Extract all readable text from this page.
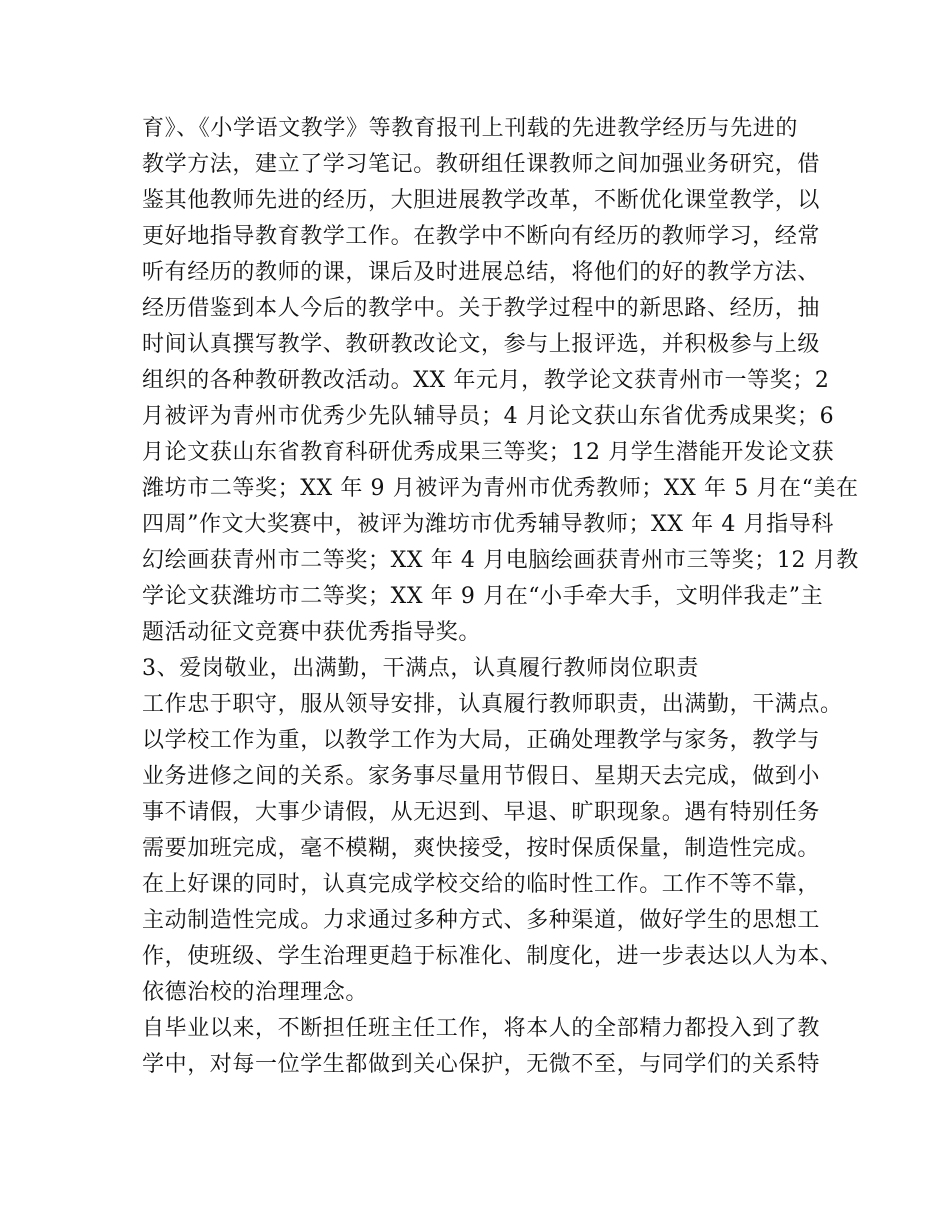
育》、《小学语文教学》等教育报刊上刊载的先进教学经历与先进的
教学方法，建立了学习笔记。教研组任课教师之间加强业务研究，借
鉴其他教师先进的经历，大胆进展教学改革，不断优化课堂教学，以
更好地指导教育教学工作。在教学中不断向有经历的教师学习，经常
听有经历的教师的课，课后及时进展总结，将他们的好的教学方法、
经历借鉴到本人今后的教学中。关于教学过程中的新思路、经历，抽
时间认真撰写教学、教研教改论文，参与上报评选，并积极参与上级
组织的各种教研教改活动。XX 年元月，教学论文获青州市一等奖；2
月被评为青州市优秀少先队辅导员；4 月论文获山东省优秀成果奖；6
月论文获山东省教育科研优秀成果三等奖；12 月学生潜能开发论文获
潍坊市二等奖；XX 年 9 月被评为青州市优秀教师；XX 年 5 月在“美在
四周”作文大奖赛中，被评为潍坊市优秀辅导教师；XX 年 4 月指导科
幻绘画获青州市二等奖；XX 年 4 月电脑绘画获青州市三等奖；12 月教
学论文获潍坊市二等奖；XX 年 9 月在“小手牵大手，文明伴我走”主
题活动征文竞赛中获优秀指导奖。
3、爱岗敬业，出满勤，干满点，认真履行教师岗位职责
工作忠于职守，服从领导安排，认真履行教师职责，出满勤，干满点。
以学校工作为重，以教学工作为大局，正确处理教学与家务，教学与
业务进修之间的关系。家务事尽量用节假日、星期天去完成，做到小
事不请假，大事少请假，从无迟到、早退、旷职现象。遇有特别任务
需要加班完成，毫不模糊，爽快接受，按时保质保量，制造性完成。
在上好课的同时，认真完成学校交给的临时性工作。工作不等不靠，
主动制造性完成。力求通过多种方式、多种渠道，做好学生的思想工
作，使班级、学生治理更趋于标准化、制度化，进一步表达以人为本、
依德治校的治理理念。
自毕业以来，不断担任班主任工作，将本人的全部精力都投入到了教
学中，对每一位学生都做到关心保护，无微不至，与同学们的关系特
